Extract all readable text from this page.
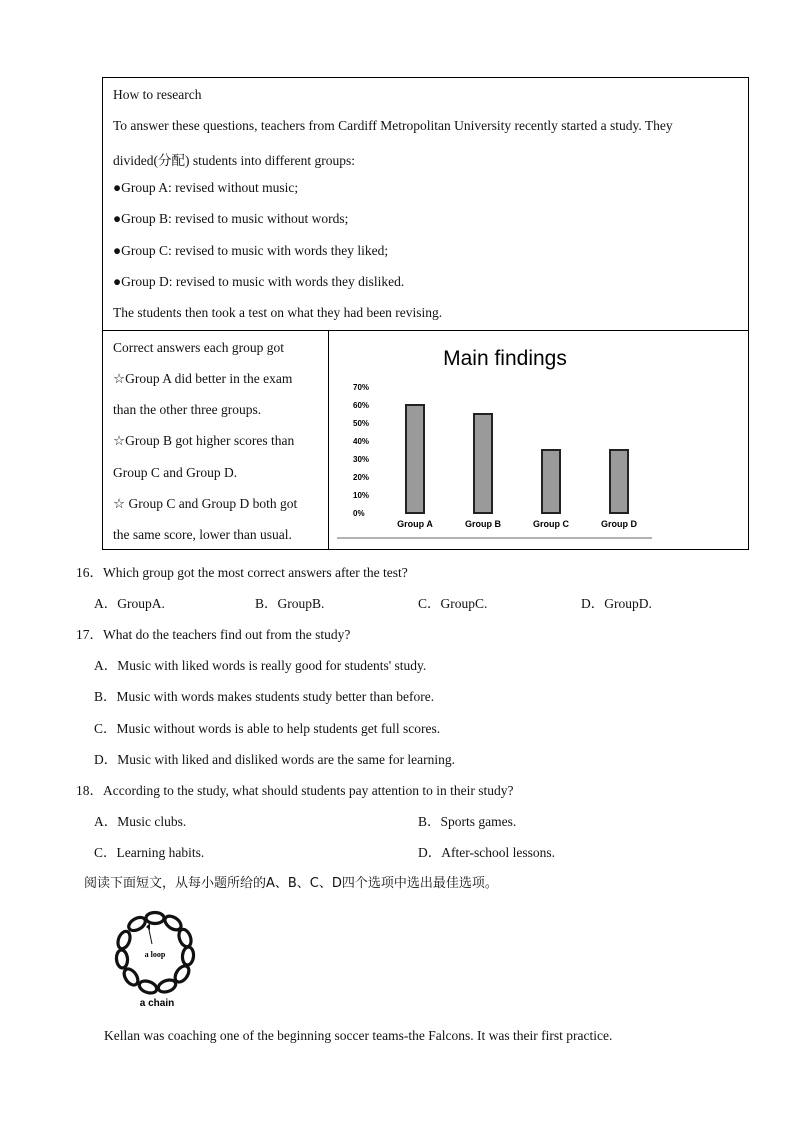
How to research
To answer these questions, teachers from Cardiff Metropolitan University recently started a study. They
divided(分配) students into different groups:
●Group A: revised without music;
●Group B: revised to music without words;
●Group C: revised to music with words they liked;
●Group D: revised to music with words they disliked.
The students then took a test on what they had been revising.
Correct answers each group got
☆Group A did better in the exam
than the other three groups.
☆Group B got higher scores than
Group C and Group D.
☆ Group C and Group D both got
the same score, lower than usual.
Main findings
70%
60%
50%
40%
30%
20%
10%
0%
Group A	Group B	Group C	Group D
16．Which group got the most correct answers after the test?
A．GroupA.	B．GroupB.	C．GroupC.	D．GroupD.
17．What do the teachers find out from the study?
A．Music with liked words is really good for students' study.
B．Music with words makes students study better than before.
C．Music without words is able to help students get full scores.
D．Music with liked and disliked words are the same for learning.
18．According to the study, what should students pay attention to in their study?
A．Music clubs.	B．Sports games.
C．Learning habits.	D．After-school lessons.
阅读下面短文，从每小题所给的A、B、C、D四个选项中选出最佳选项。
a loop
a chain
Kellan was coaching one of the beginning soccer teams-the Falcons. It was their first practice.
